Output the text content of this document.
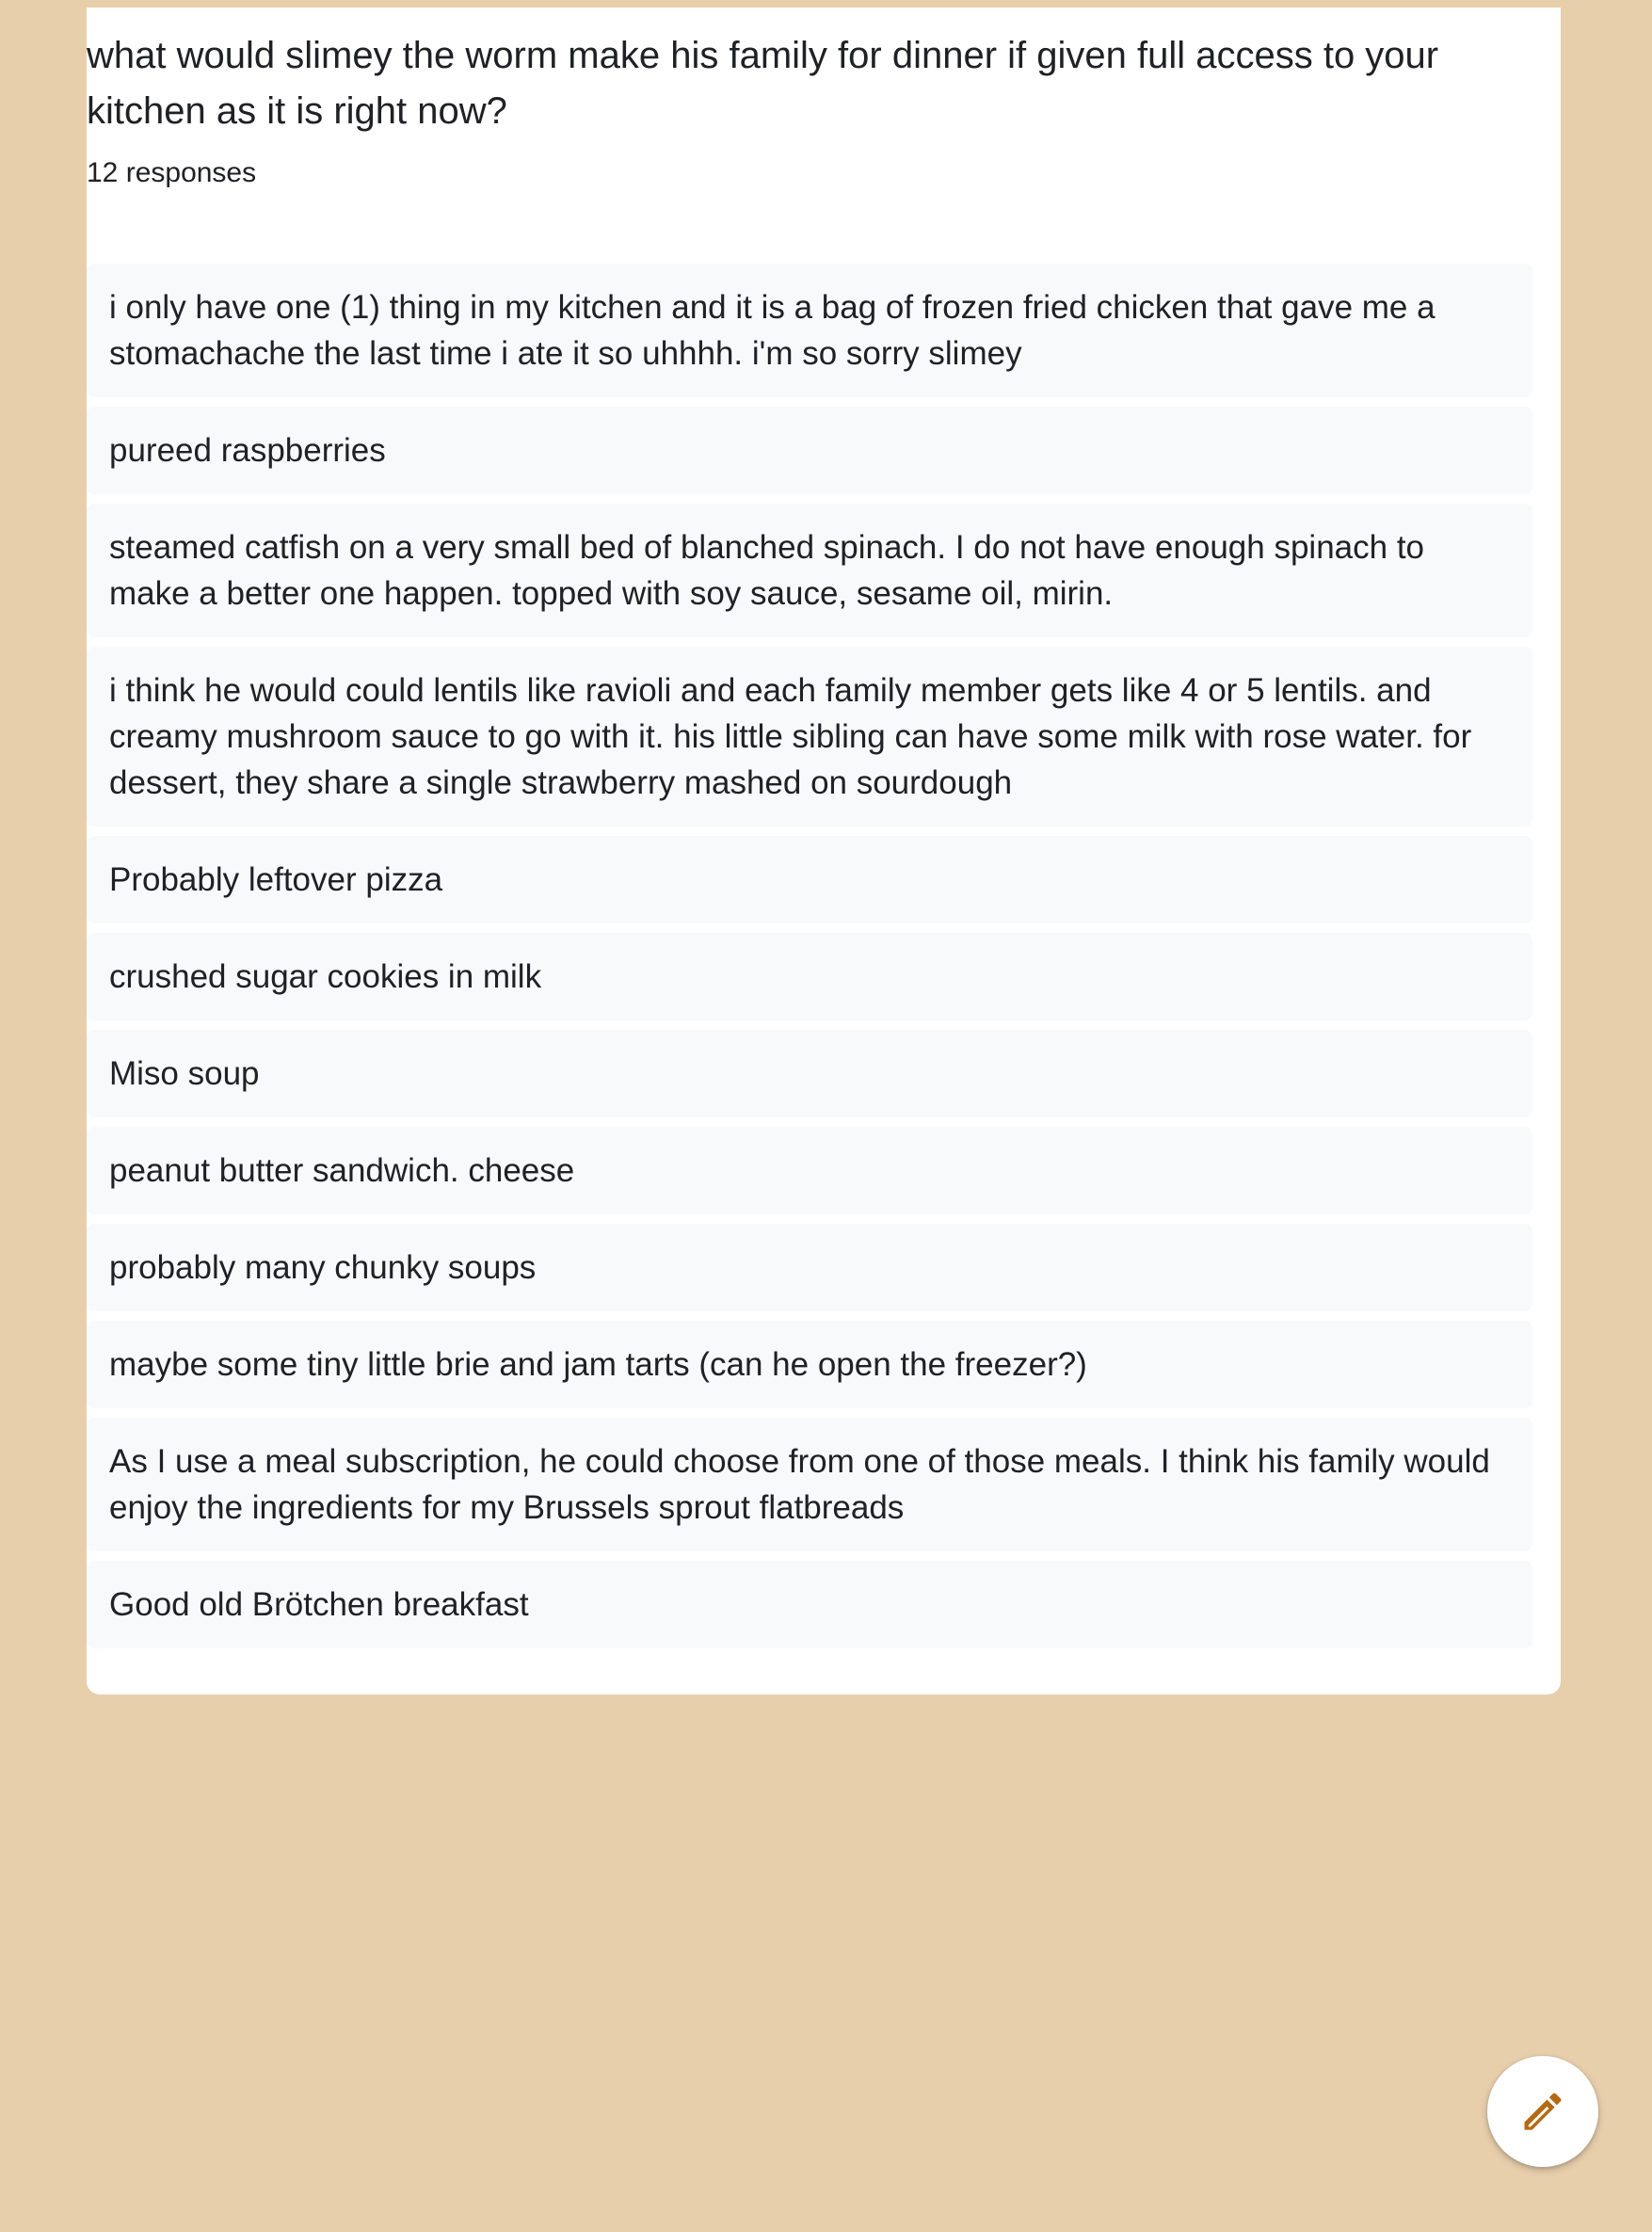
what would slimey the worm make his family for dinner if given full access to your kitchen as it is right now?
12 responses
i only have one (1) thing in my kitchen and it is a bag of frozen fried chicken that gave me a stomachache the last time i ate it so uhhhh. i'm so sorry slimey
pureed raspberries
steamed catfish on a very small bed of blanched spinach. I do not have enough spinach to make a better one happen. topped with soy sauce, sesame oil, mirin.
i think he would could lentils like ravioli and each family member gets like 4 or 5 lentils. and creamy mushroom sauce to go with it. his little sibling can have some milk with rose water. for dessert, they share a single strawberry mashed on sourdough
Probably leftover pizza
crushed sugar cookies in milk
Miso soup
peanut butter sandwich. cheese
probably many chunky soups
maybe some tiny little brie and jam tarts (can he open the freezer?)
As I use a meal subscription, he could choose from one of those meals. I think his family would enjoy the ingredients for my Brussels sprout flatbreads
Good old Brötchen breakfast
